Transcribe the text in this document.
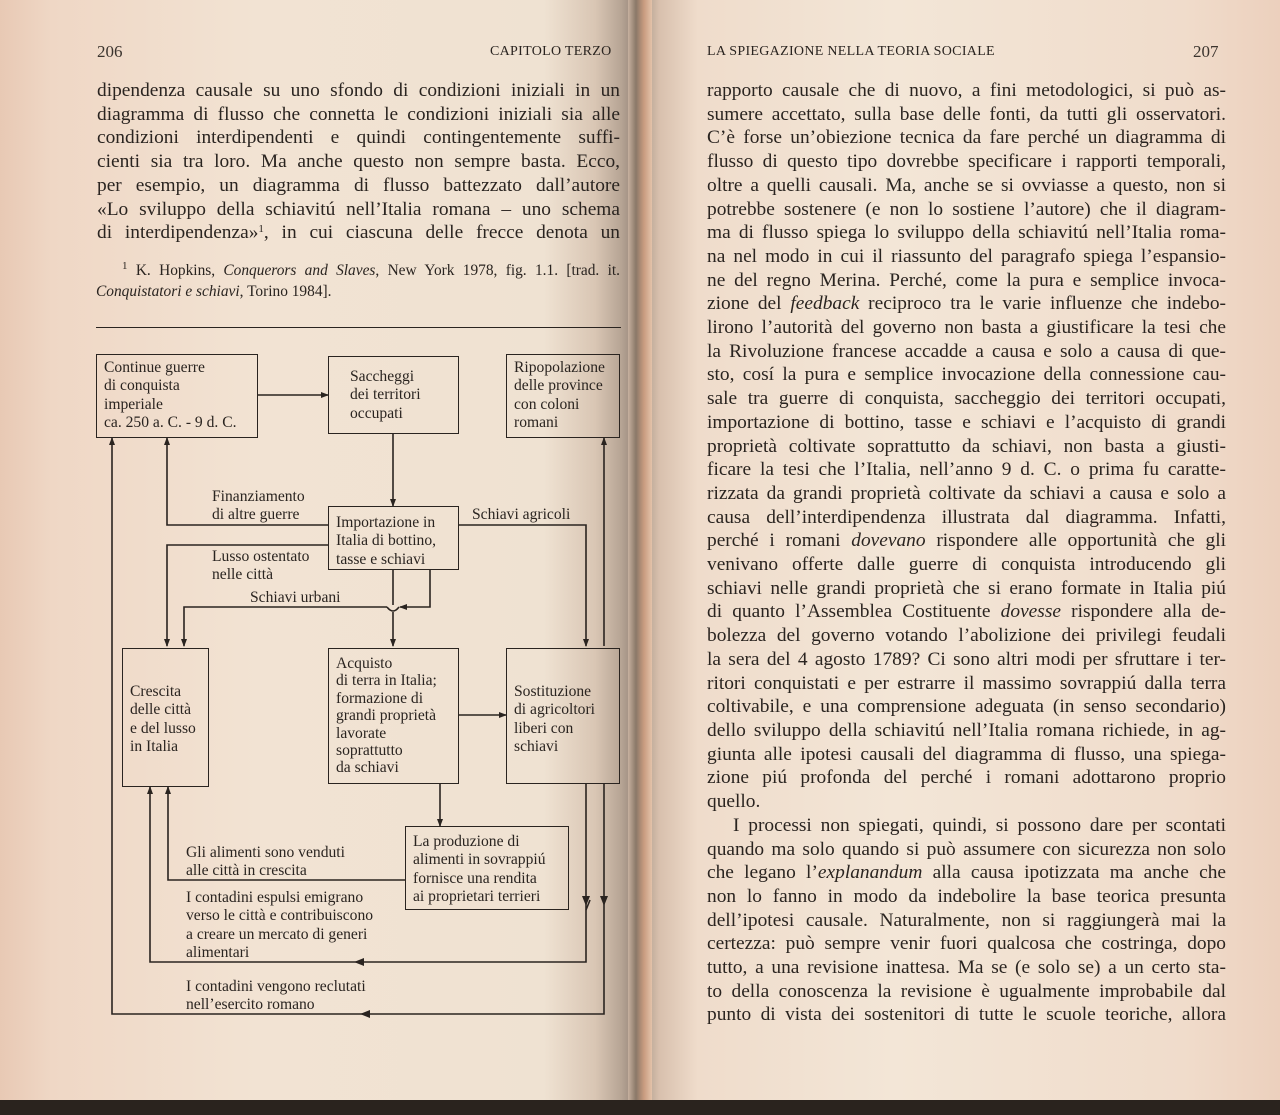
206	CAPITOLO TERZO
dipendenza causale su uno sfondo di condizioni iniziali in un
diagramma di flusso che connetta le condizioni iniziali sia alle
condizioni interdipendenti e quindi contingentemente suffi-
cienti sia tra loro. Ma anche questo non sempre basta. Ecco,
per esempio, un diagramma di flusso battezzato dall’autore
«Lo sviluppo della schiavitú nell’Italia romana – uno schema
di interdipendenza»$^1$, in cui ciascuna delle frecce denota un
$^1$ K. Hopkins, Conquerors and Slaves, New York 1978, fig. 1.1. [trad. it.
Conquistatori e schiavi, Torino 1984].
Continue guerre
di conquista
imperiale
ca. 250 a. C. - 9 d. C.
Saccheggi
dei territori
occupati
Ripopolazione
delle province
con coloni
romani
Finanziamento
di altre guerre	Importazione in
Italia di bottino,
tasse e schiavi
Schiavi agricoli
Lusso ostentato
nelle città
Schiavi urbani
Crescita
delle città
e del lusso
in Italia
Acquisto
di terra in Italia;
formazione di
grandi proprietà
lavorate
soprattutto
da schiavi
Sostituzione
di agricoltori
liberi con
schiavi
Gli alimenti sono venduti
alle città in crescita
La produzione di
alimenti in sovrappiú
fornisce una rendita
ai proprietari terrieri
I contadini espulsi emigrano
verso le città e contribuiscono
a creare un mercato di generi
alimentari
I contadini vengono reclutati
nell’esercito romano
LA SPIEGAZIONE NELLA TEORIA SOCIALE	207
rapporto causale che di nuovo, a fini metodologici, si può as-
sumere accettato, sulla base delle fonti, da tutti gli osservatori.
C’è forse un’obiezione tecnica da fare perché un diagramma di
flusso di questo tipo dovrebbe specificare i rapporti temporali,
oltre a quelli causali. Ma, anche se si ovviasse a questo, non si
potrebbe sostenere (e non lo sostiene l’autore) che il diagram-
ma di flusso spiega lo sviluppo della schiavitú nell’Italia roma-
na nel modo in cui il riassunto del paragrafo spiega l’espansio-
ne del regno Merina. Perché, come la pura e semplice invoca-
zione del feedback reciproco tra le varie influenze che indebo-
lirono l’autorità del governo non basta a giustificare la tesi che
la Rivoluzione francese accadde a causa e solo a causa di que-
sto, cosí la pura e semplice invocazione della connessione cau-
sale tra guerre di conquista, saccheggio dei territori occupati,
importazione di bottino, tasse e schiavi e l’acquisto di grandi
proprietà coltivate soprattutto da schiavi, non basta a giusti-
ficare la tesi che l’Italia, nell’anno 9 d. C. o prima fu carattе-
rizzata da grandi proprietà coltivate da schiavi a causa e solo a
causa dell’interdipendenza illustrata dal diagramma. Infatti,
perché i romani dovevano rispondere alle opportunità che gli
venivano offerte dalle guerre di conquista introducendo gli
schiavi nelle grandi proprietà che si erano formate in Italia piú
di quanto l’Assemblea Costituente dovesse rispondere alla de-
bolezza del governo votando l’abolizione dei privilegi feudali
la sera del 4 agosto 1789? Ci sono altri modi per sfruttare i ter-
ritori conquistati e per estrarre il massimo sovrappiú dalla terra
coltivabile, e una comprensione adeguata (in senso secondario)
dello sviluppo della schiavitú nell’Italia romana richiede, in ag-
giunta alle ipotesi causali del diagramma di flusso, una spiega-
zione piú profonda del perché i romani adottarono proprio
quello.
I processi non spiegati, quindi, si possono dare per scontati
quando ma solo quando si può assumere con sicurezza non solo
che legano l’explanandum alla causa ipotizzata ma anche che
non lo fanno in modo da indebolire la base teorica presunta
dell’ipotesi causale. Naturalmente, non si raggiungerà mai la
certezza: può sempre venir fuori qualcosa che costringa, dopo
tutto, a una revisione inattesa. Ma se (e solo se) a un certo sta-
to della conoscenza la revisione è ugualmente improbabile dal
punto di vista dei sostenitori di tutte le scuole teoriche, allora
